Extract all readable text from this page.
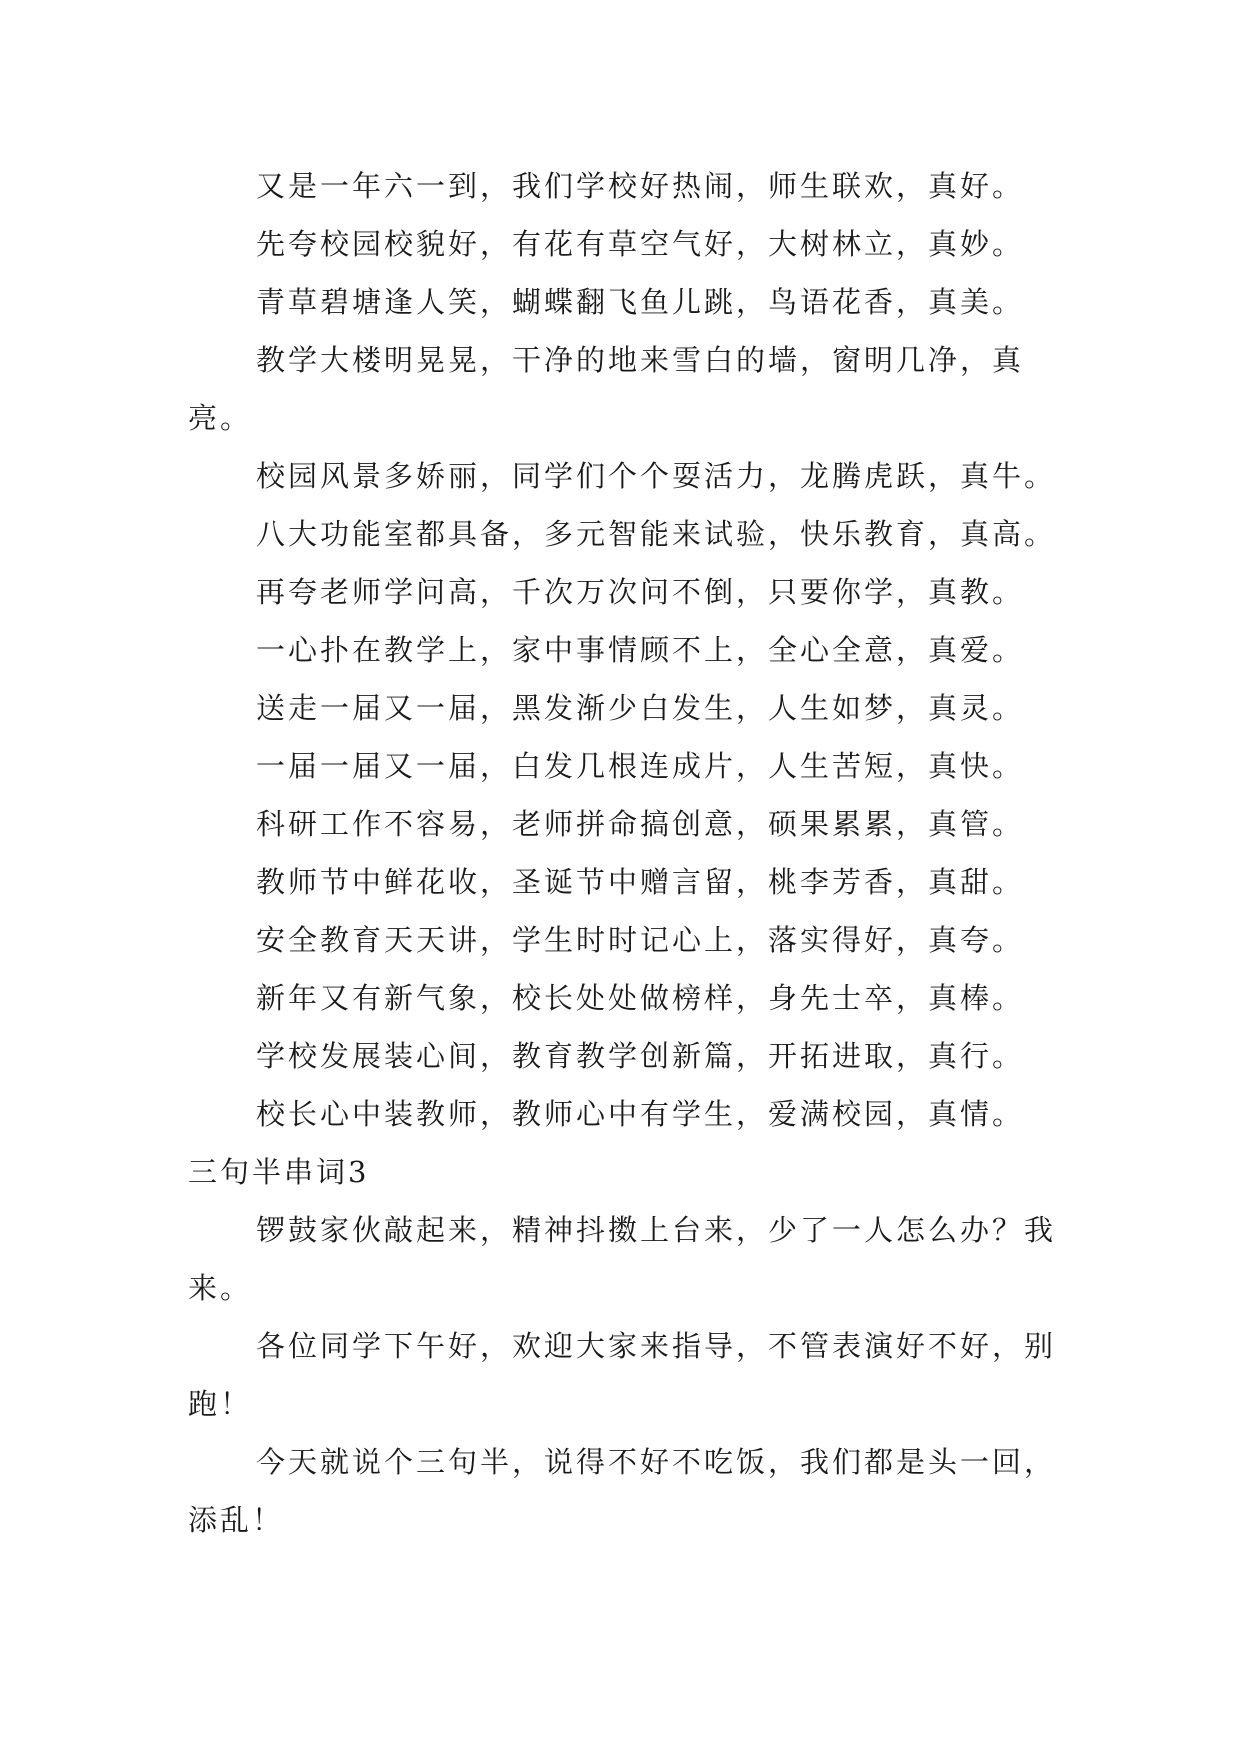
又是一年六一到，我们学校好热闹，师生联欢，真好。

先夸校园校貌好，有花有草空气好，大树林立，真妙。

青草碧塘逢人笑，蝴蝶翻飞鱼儿跳，鸟语花香，真美。

教学大楼明晃晃，干净的地来雪白的墙，窗明几净，真亮。

校园风景多娇丽，同学们个个耍活力，龙腾虎跃，真牛。

八大功能室都具备，多元智能来试验，快乐教育，真高。

再夸老师学问高，千次万次问不倒，只要你学，真教。

一心扑在教学上，家中事情顾不上，全心全意，真爱。

送走一届又一届，黑发渐少白发生，人生如梦，真灵。

一届一届又一届，白发几根连成片，人生苦短，真快。

科研工作不容易，老师拼命搞创意，硕果累累，真管。

教师节中鲜花收，圣诞节中赠言留，桃李芳香，真甜。

安全教育天天讲，学生时时记心上，落实得好，真夸。

新年又有新气象，校长处处做榜样，身先士卒，真棒。

学校发展装心间，教育教学创新篇，开拓进取，真行。

校长心中装教师，教师心中有学生，爱满校园，真情。

三句半串词3

锣鼓家伙敲起来，精神抖擞上台来，少了一人怎么办？我来。

各位同学下午好，欢迎大家来指导，不管表演好不好，别跑！

今天就说个三句半，说得不好不吃饭，我们都是头一回，添乱！
